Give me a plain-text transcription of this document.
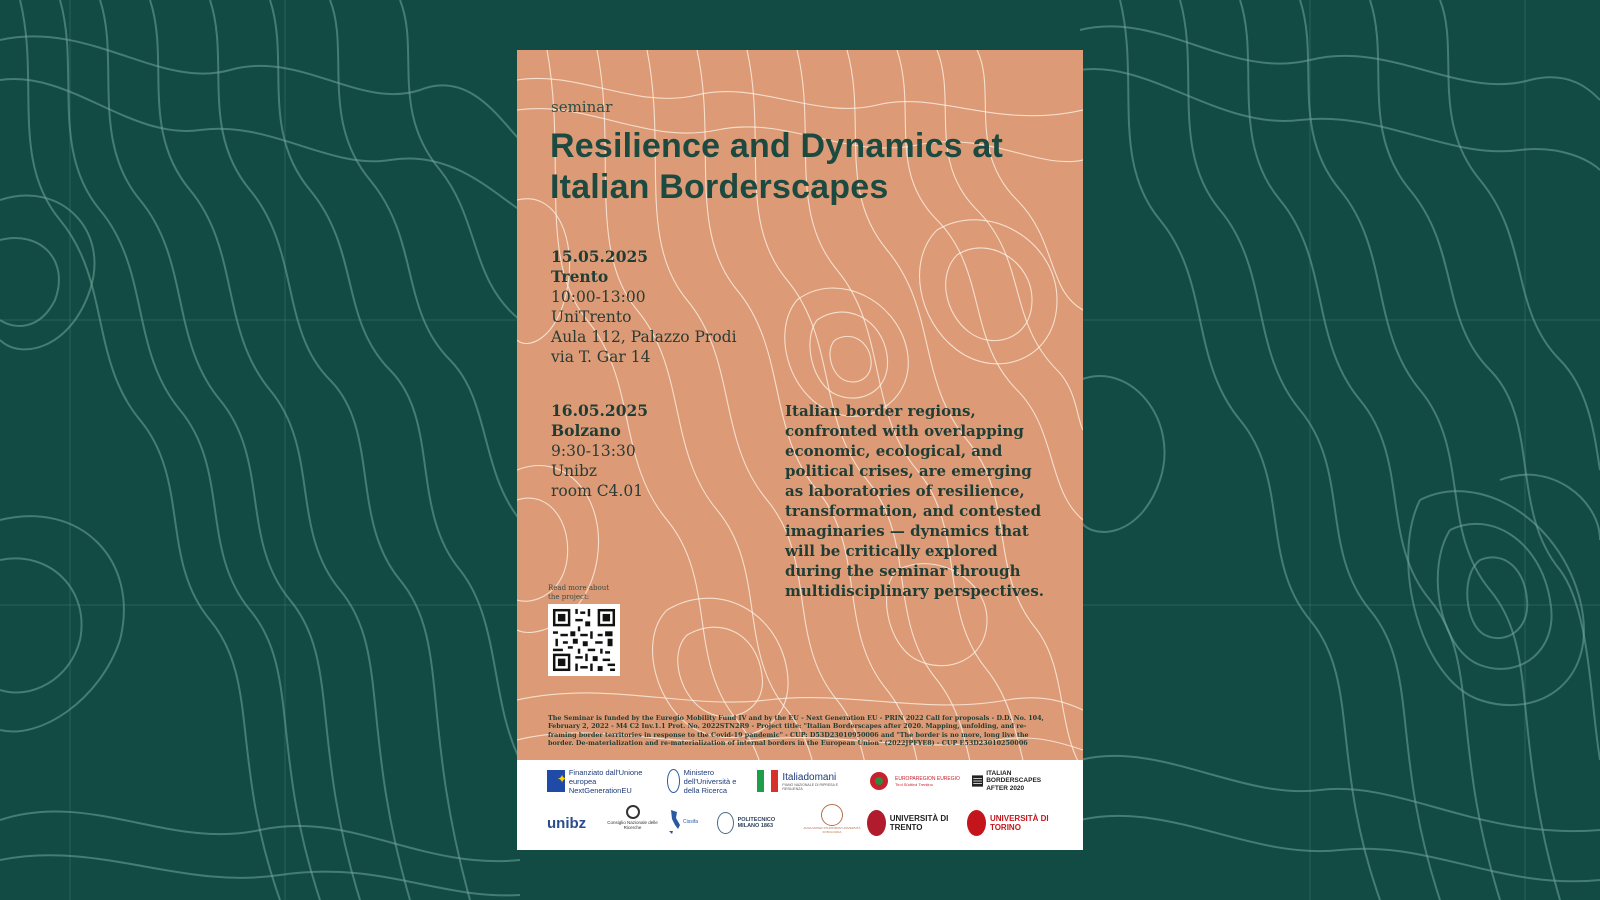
seminar
Resilience and Dynamics at Italian Borderscapes
15.05.2025
Trento
10:00-13:00
UniTrento
Aula 112, Palazzo Prodi
via T. Gar 14
16.05.2025
Bolzano
9:30-13:30
Unibz
room C4.01
Italian border regions, confronted with overlapping economic, ecological, and political crises, are emerging as laboratories of resilience, transformation, and contested imaginaries — dynamics that will be critically explored during the seminar through multidisciplinary perspectives.
Read more about the project:
The Seminar is funded by the Euregio Mobility Fund IV and by the EU - Next Generation EU - PRIN 2022 Call for proposals - D.D. No. 104, February 2, 2022 - M4 C2 Inv.1.1 Prot. No. 2022STN2R9 - Project title: "Italian Borderscapes after 2020. Mapping, unfolding, and re-framing border territories in response to the Covid-19 pandemic" - CUP: D53D23010950006 and "The border is no more, long live the border. De-materialization and re-materialization of internal borders in the European Union" (2022JPFYE8) - CUP E53D23010250006
✦ Finanziato dall'Unione europea NextGenerationEU
Ministero dell'Università e della Ricerca
Italiadomani
PIANO NAZIONALE DI RIPRESA E RESILIENZA
EUROPAREGION EUREGIO
Tirol Südtirol Trentino
ITALIAN BORDERSCAPES AFTER 2020
unibz	Consiglio Nazionale delle Ricerche
Cissifa	POLITECNICO MILANO 1863	ALMA MATER STUDIORUM UNIVERSITÀ DI BOLOGNA
UNIVERSITÀ DI TRENTO
UNIVERSITÀ DI TORINO
